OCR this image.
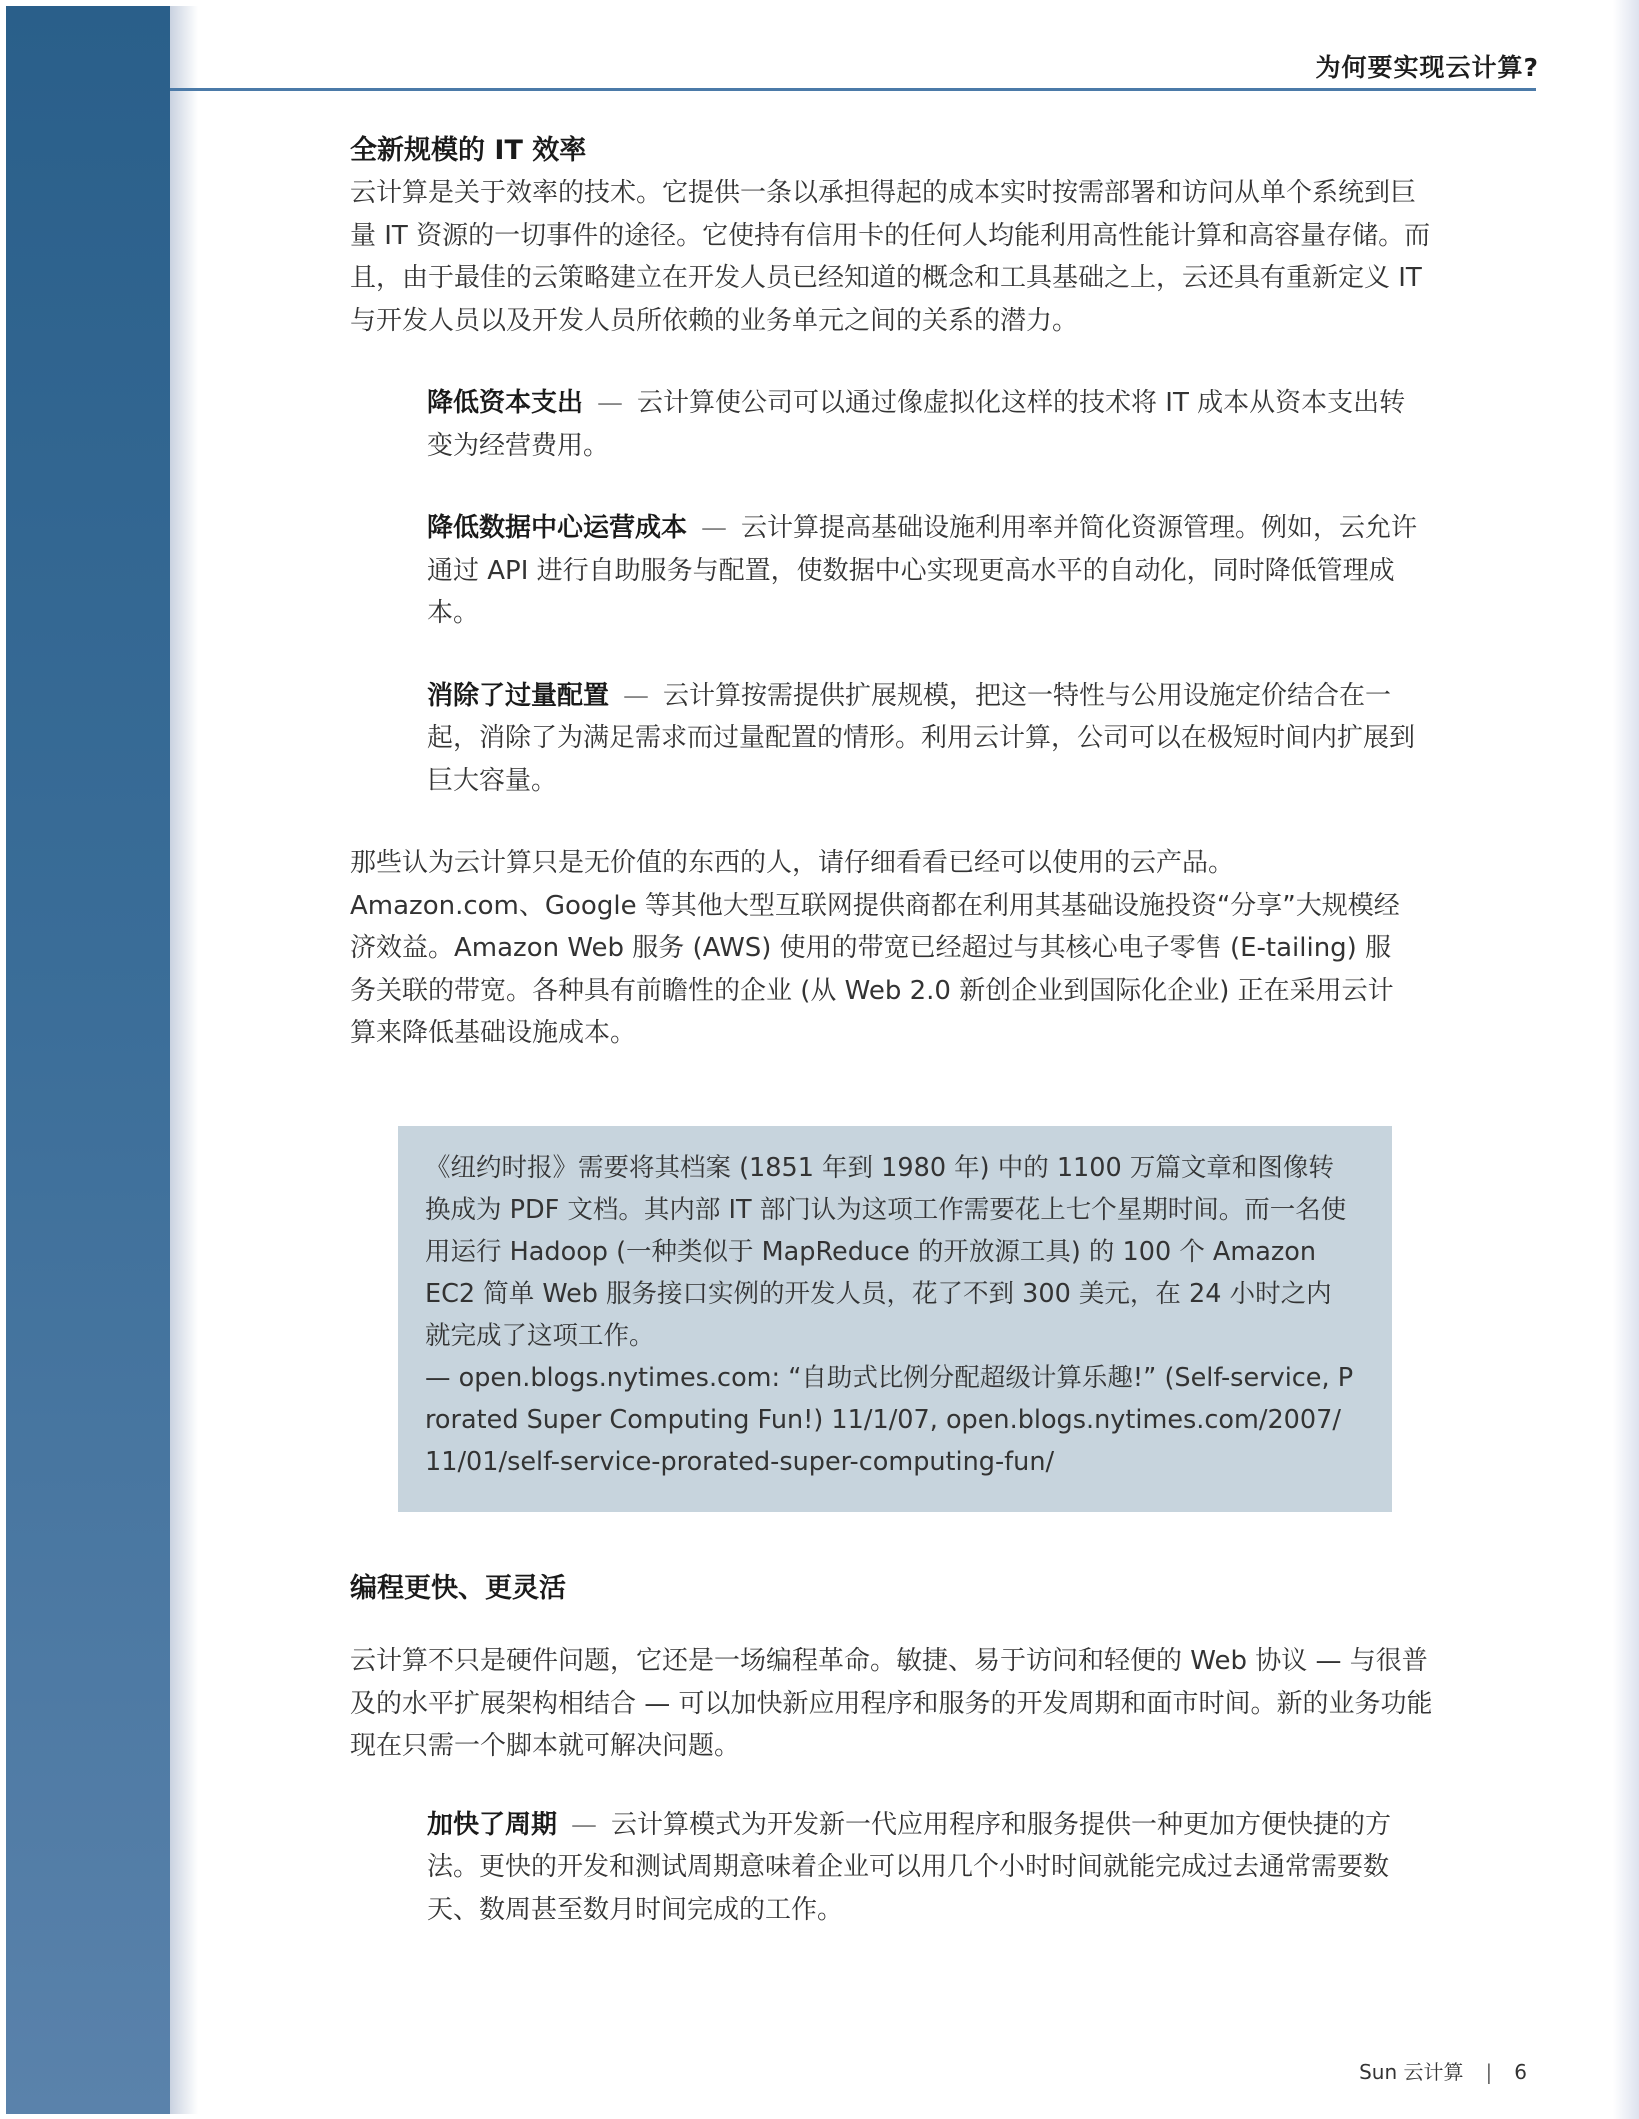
为何要实现云计算?
全新规模的 IT 效率

云计算是关于效率的技术。它提供一条以承担得起的成本实时按需部署和访问从单个系统到巨量 IT 资源的一切事件的途径。它使持有信用卡的任何人均能利用高性能计算和高容量存储。而且，由于最佳的云策略建立在开发人员已经知道的概念和工具基础之上，云还具有重新定义 IT 与开发人员以及开发人员所依赖的业务单元之间的关系的潜力。

降低资本支出 — 云计算使公司可以通过像虚拟化这样的技术将 IT 成本从资本支出转变为经营费用。

降低数据中心运营成本 — 云计算提高基础设施利用率并简化资源管理。例如，云允许通过 API 进行自助服务与配置，使数据中心实现更高水平的自动化，同时降低管理成本。

消除了过量配置 — 云计算按需提供扩展规模，把这一特性与公用设施定价结合在一起，消除了为满足需求而过量配置的情形。利用云计算，公司可以在极短时间内扩展到巨大容量。

那些认为云计算只是无价值的东西的人，请仔细看看已经可以使用的云产品。Amazon.com、Google 等其他大型互联网提供商都在利用其基础设施投资“分享”大规模经济效益。Amazon Web 服务 (AWS) 使用的带宽已经超过与其核心电子零售 (E-tailing) 服务关联的带宽。各种具有前瞻性的企业 (从 Web 2.0 新创企业到国际化企业) 正在采用云计算来降低基础设施成本。

《纽约时报》需要将其档案 (1851 年到 1980 年) 中的 1100 万篇文章和图像转换成为 PDF 文档。其内部 IT 部门认为这项工作需要花上七个星期时间。而一名使用运行 Hadoop (一种类似于 MapReduce 的开放源工具) 的 100 个 Amazon EC2 简单 Web 服务接口实例的开发人员，花了不到 300 美元，在 24 小时之内就完成了这项工作。
— open.blogs.nytimes.com: “自助式比例分配超级计算乐趣!” (Self-service, Prorated Super Computing Fun!) 11/1/07, open.blogs.nytimes.com/2007/11/01/self-service-prorated-super-computing-fun/
编程更快、更灵活

云计算不只是硬件问题，它还是一场编程革命。敏捷、易于访问和轻便的 Web 协议 — 与很普及的水平扩展架构相结合 — 可以加快新应用程序和服务的开发周期和面市时间。新的业务功能现在只需一个脚本就可解决问题。

加快了周期 — 云计算模式为开发新一代应用程序和服务提供一种更加方便快捷的方法。更快的开发和测试周期意味着企业可以用几个小时时间就能完成过去通常需要数天、数周甚至数月时间完成的工作。

Sun 云计算 | 6
